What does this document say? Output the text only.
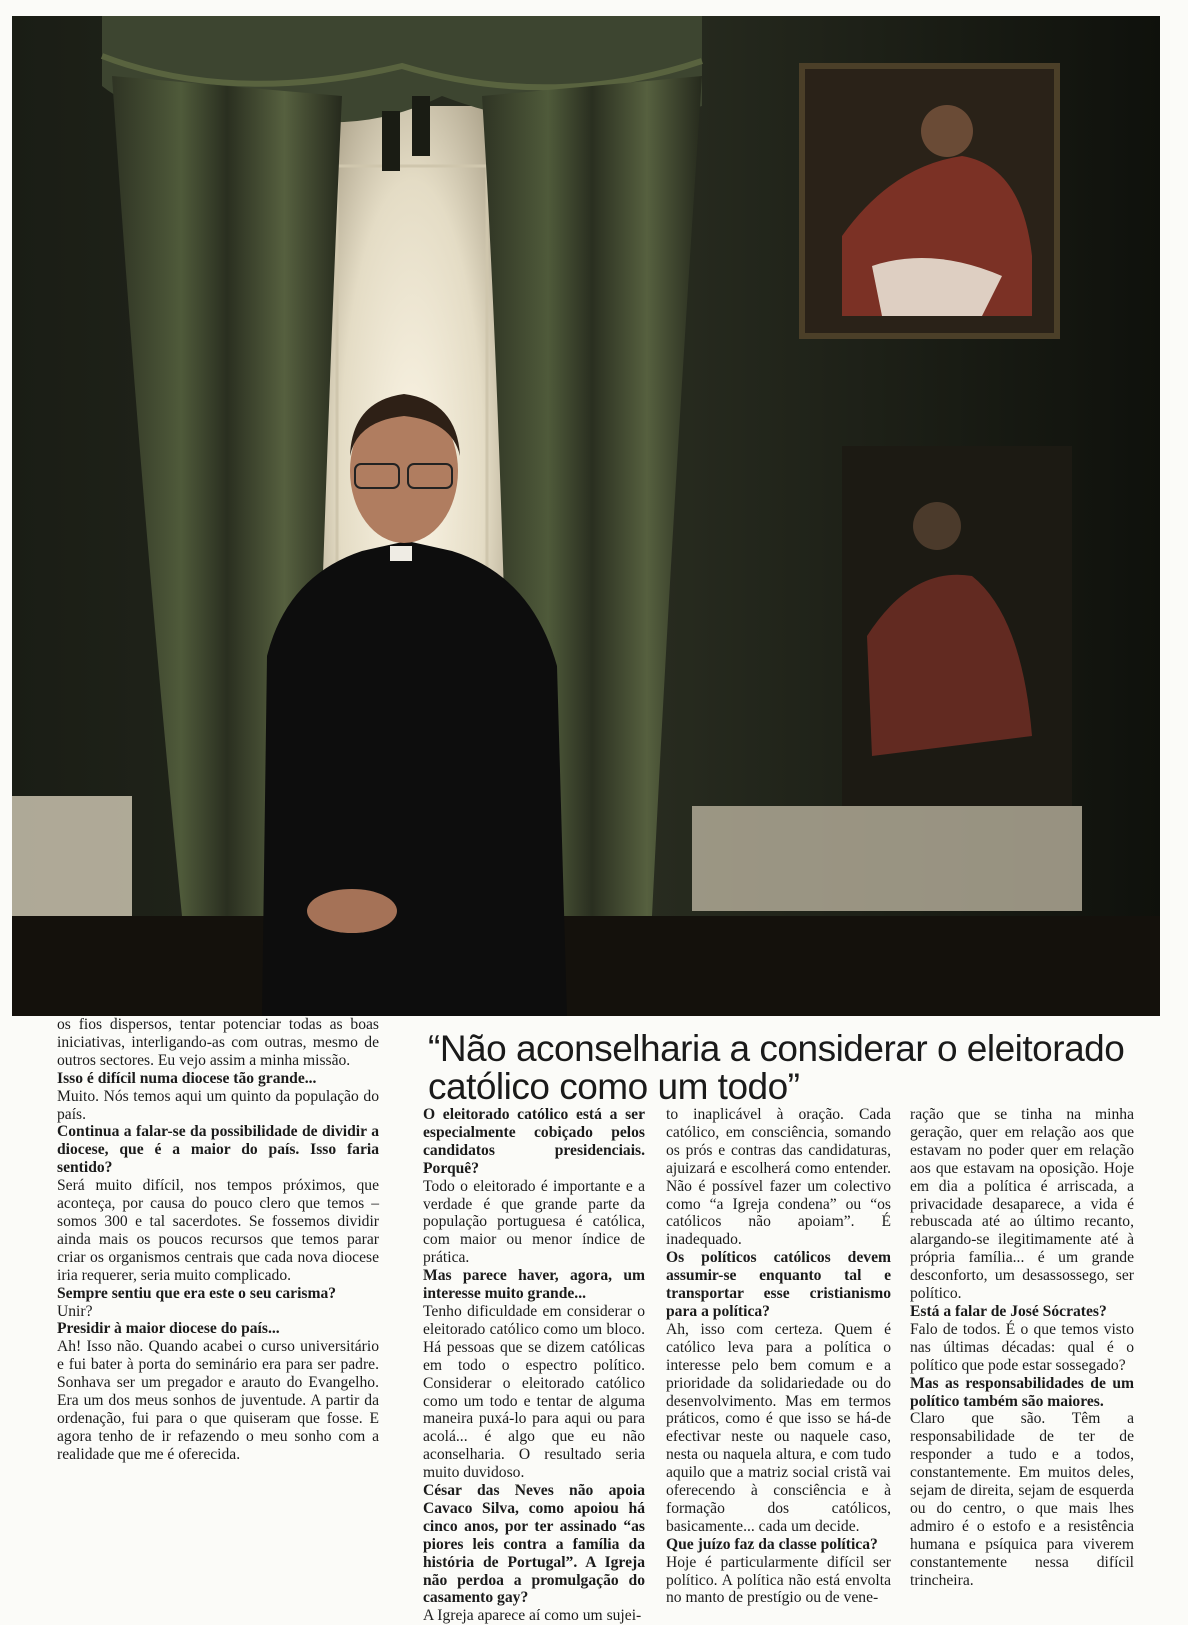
“Não aconselharia a considerar o eleitorado católico como um todo”

os fios dispersos, tentar potenciar todas as boas iniciativas, interligando-as com outras, mesmo de outros sectores. Eu vejo assim a minha missão.

Isso é difícil numa diocese tão grande...

Muito. Nós temos aqui um quinto da população do país.

Continua a falar-se da possibilidade de dividir a diocese, que é a maior do país. Isso faria sentido?

Será muito difícil, nos tempos próximos, que aconteça, por causa do pouco clero que temos – somos 300 e tal sacerdotes. Se fossemos dividir ainda mais os poucos recursos que temos parar criar os organismos centrais que cada nova diocese iria requerer, seria muito complicado.

Sempre sentiu que era este o seu carisma?

Unir?

Presidir à maior diocese do país...

Ah! Isso não. Quando acabei o curso universitário e fui bater à porta do seminário era para ser padre. Sonhava ser um pregador e arauto do Evangelho. Era um dos meus sonhos de juventude. A partir da ordenação, fui para o que quiseram que fosse. E agora tenho de ir refazendo o meu sonho com a realidade que me é oferecida.

O eleitorado católico está a ser especialmente cobiçado pelos candidatos presidenciais. Porquê?

Todo o eleitorado é importante e a verdade é que grande parte da população portuguesa é católica, com maior ou menor índice de prática.

Mas parece haver, agora, um interesse muito grande...

Tenho dificuldade em considerar o eleitorado católico como um bloco. Há pessoas que se dizem católicas em todo o espectro político. Considerar o eleitorado católico como um todo e tentar de alguma maneira puxá-lo para aqui ou para acolá... é algo que eu não aconselharia. O resultado seria muito duvidoso.

César das Neves não apoia Cavaco Silva, como apoiou há cinco anos, por ter assinado “as piores leis contra a família da história de Portugal”. A Igreja não perdoa a promulgação do casamento gay?

A Igreja aparece aí como um sujei-

to inaplicável à oração. Cada católico, em consciência, somando os prós e contras das candidaturas, ajuizará e escolherá como entender. Não é possível fazer um colectivo como “a Igreja condena” ou “os católicos não apoiam”. É inadequado.

Os políticos católicos devem assumir-se enquanto tal e transportar esse cristianismo para a política?

Ah, isso com certeza. Quem é católico leva para a política o interesse pelo bem comum e a prioridade da solidariedade ou do desenvolvimento. Mas em termos práticos, como é que isso se há-de efectivar neste ou naquele caso, nesta ou naquela altura, e com tudo aquilo que a matriz social cristã vai oferecendo à consciência e à formação dos católicos, basicamente... cada um decide.

Que juízo faz da classe política?

Hoje é particularmente difícil ser político. A política não está envolta no manto de prestígio ou de vene-

ração que se tinha na minha geração, quer em relação aos que estavam no poder quer em relação aos que estavam na oposição. Hoje em dia a política é arriscada, a privacidade desaparece, a vida é rebuscada até ao último recanto, alargando-se ilegitimamente até à própria família... é um grande desconforto, um desassossego, ser político.

Está a falar de José Sócrates?

Falo de todos. É o que temos visto nas últimas décadas: qual é o político que pode estar sossegado?

Mas as responsabilidades de um político também são maiores.

Claro que são. Têm a responsabilidade de ter de responder a tudo e a todos, constantemente. Em muitos deles, sejam de direita, sejam de esquerda ou do centro, o que mais lhes admiro é o estofo e a resistência humana e psíquica para viverem constantemente nessa difícil trincheira.
